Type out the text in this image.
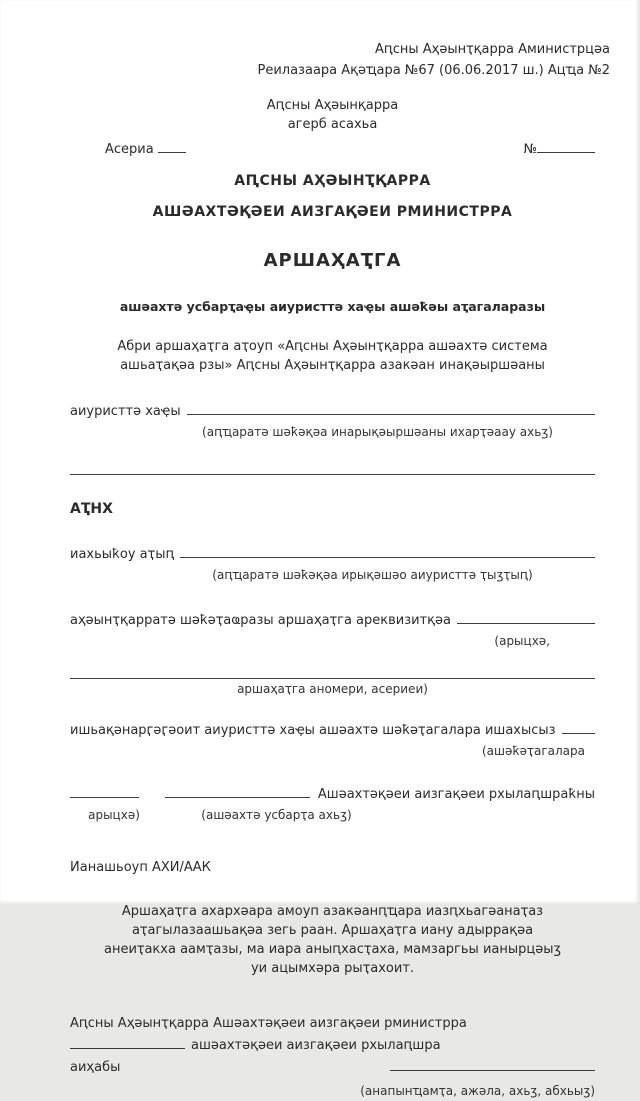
Аԥсны Аҳәынҭқарра Аминистрцәа
Реилазаара Ақәҵара №67 (06.06.2017 ш.) Ацҵа №2
Аԥсны Аҳәынқарра
агерб асахьа
Асериа	№
АԤСНЫ АҲӘЫНҬҚАРРА
АШӘАХТӘҚӘЕИ АИЗГАҚӘЕИ РМИНИСТРРА
АРШАҲАҬГА
ашәахтә усбарҭаҿы аиуристтә хаҿы ашәҟәы аҭагаларазы
Абри аршаҳаҭга аҭоуп «Аԥсны Аҳәынҭқарра ашәахтә система ашьаҭақәа рзы» Аԥсны Аҳәынҭқарра азакәан инақәыршәаны
аиуристтә хаҿы
(аԥҵаратә шәҟәқәа инарықәыршәаны ихарҭәаау ахьӡ)
АҬНХ
иахьыҟоу аҭыԥ
(аԥҵаратә шәҟәқәа ирықәшәо аиуристтә ҭыӡҭыԥ)
аҳәынҭқарратә шәҟәҭаҩразы аршаҳаҭга ареквизитқәа
(арыцхә,
аршаҳаҭга аномери, асериеи)
ишьақәнарӷәӷәоит аиуристтә хаҿы ашәахтә шәҟәҭагалара ишахысыз
(ашәҟәҭагалара
Ашәахтәқәеи аизгақәеи рхылаԥшраҟны
арыцхә)	(ашәахтә усбарҭа ахьӡ)
Ианашьоуп АХИ/ААК
Аршаҳаҭга ахархәара амоуп азакәанԥҵара иазԥхьагәанаҭаз аҭагылазаашьақәа зегь раан. Аршаҳаҭга иану адыррақәа анеиҭакха аамҭазы, ма иара аныԥхасҭаха, мамзаргьы ианырцәыӡ уи ацымхәра рыҭахоит.
Аԥсны Аҳәынҭқарра Ашәахтәқәеи аизгақәеи рминистрра
ашәахтәқәеи аизгақәеи рхылаԥшра
аиҳабы
(анапынҵамҭа, ажәла, ахьӡ, абхьыӡ)
